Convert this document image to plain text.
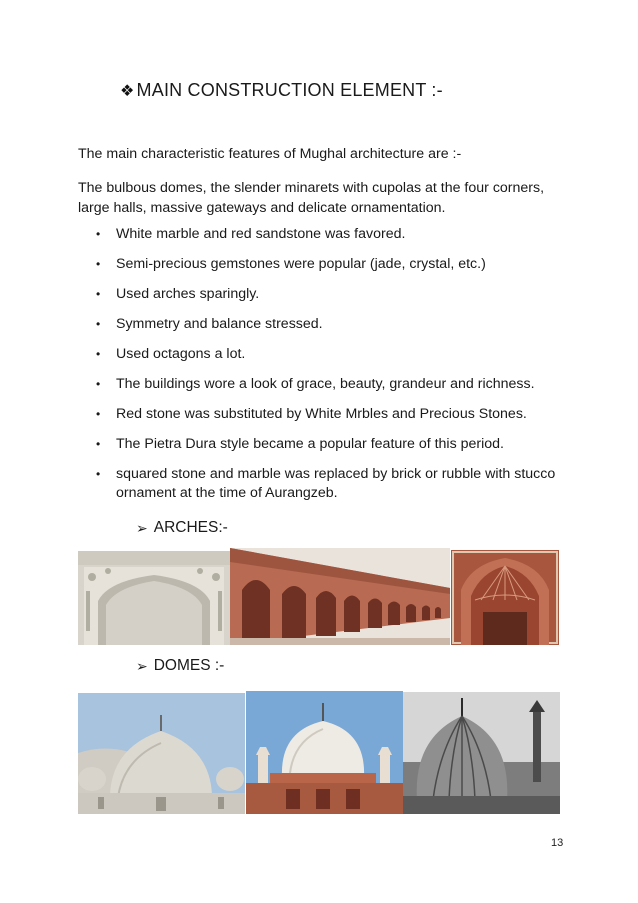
❖ MAIN CONSTRUCTION ELEMENT :-
The main characteristic features of Mughal architecture are :-
The bulbous domes, the slender minarets with cupolas at the four corners, large halls, massive gateways and delicate ornamentation.
• White marble and red sandstone was favored.
• Semi-precious gemstones were popular (jade, crystal, etc.)
• Used arches sparingly.
• Symmetry and balance stressed.
• Used octagons a lot.
• The buildings wore a look of grace, beauty, grandeur and richness.
• Red stone was substituted by White Mrbles and Precious Stones.
• The Pietra Dura style became a popular feature of this period.
• squared stone and marble was replaced by brick or rubble with stucco ornament at the time of Aurangzeb.
➢ ARCHES:-
➢ DOMES :-
13
